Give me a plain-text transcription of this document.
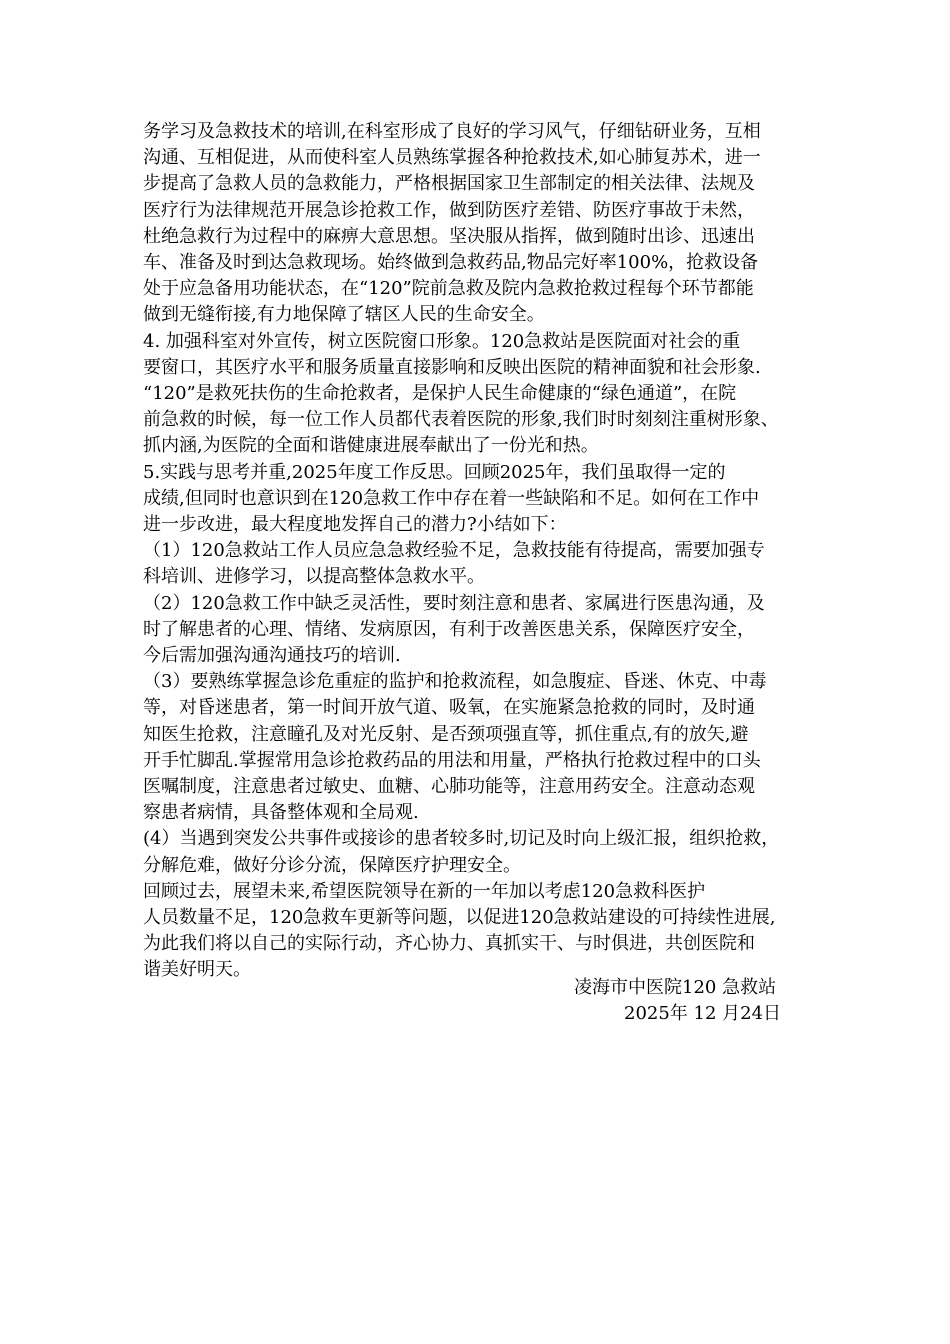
务学习及急救技术的培训,在科室形成了良好的学习风气，仔细钻研业务，互相
沟通、互相促进，从而使科室人员熟练掌握各种抢救技术,如心肺复苏术，进一
步提高了急救人员的急救能力，严格根据国家卫生部制定的相关法律、法规及
医疗行为法律规范开展急诊抢救工作，做到防医疗差错、防医疗事故于未然，
杜绝急救行为过程中的麻痹大意思想。坚决服从指挥，做到随时出诊、迅速出
车、准备及时到达急救现场。始终做到急救药品,物品完好率100%，抢救设备
处于应急备用功能状态，在“120”院前急救及院内急救抢救过程每个环节都能
做到无缝衔接,有力地保障了辖区人民的生命安全。
4. 加强科室对外宣传，树立医院窗口形象。120急救站是医院面对社会的重
要窗口，其医疗水平和服务质量直接影响和反映出医院的精神面貌和社会形象.
“120”是救死扶伤的生命抢救者，是保护人民生命健康的“绿色通道”，在院
前急救的时候，每一位工作人员都代表着医院的形象,我们时时刻刻注重树形象、
抓内涵,为医院的全面和谐健康进展奉献出了一份光和热。
5.实践与思考并重,2025年度工作反思。回顾2025年，我们虽取得一定的
成绩,但同时也意识到在120急救工作中存在着一些缺陷和不足。如何在工作中
进一步改进，最大程度地发挥自己的潜力?小结如下：
（1）120急救站工作人员应急急救经验不足，急救技能有待提高，需要加强专
科培训、进修学习，以提高整体急救水平。
（2）120急救工作中缺乏灵活性，要时刻注意和患者、家属进行医患沟通，及
时了解患者的心理、情绪、发病原因，有利于改善医患关系，保障医疗安全，
今后需加强沟通沟通技巧的培训.
（3）要熟练掌握急诊危重症的监护和抢救流程，如急腹症、昏迷、休克、中毒
等，对昏迷患者，第一时间开放气道、吸氧，在实施紧急抢救的同时，及时通
知医生抢救，注意瞳孔及对光反射、是否颈项强直等，抓住重点,有的放矢,避
开手忙脚乱.掌握常用急诊抢救药品的用法和用量，严格执行抢救过程中的口头
医嘱制度，注意患者过敏史、血糖、心肺功能等，注意用药安全。注意动态观
察患者病情，具备整体观和全局观.
(4）当遇到突发公共事件或接诊的患者较多时,切记及时向上级汇报，组织抢救，
分解危难，做好分诊分流，保障医疗护理安全。
回顾过去，展望未来,希望医院领导在新的一年加以考虑120急救科医护
人员数量不足，120急救车更新等问题，以促进120急救站建设的可持续性进展,
为此我们将以自己的实际行动，齐心协力、真抓实干、与时俱进，共创医院和
谐美好明天。
凌海市中医院120 急救站
2025年 12 月24日
